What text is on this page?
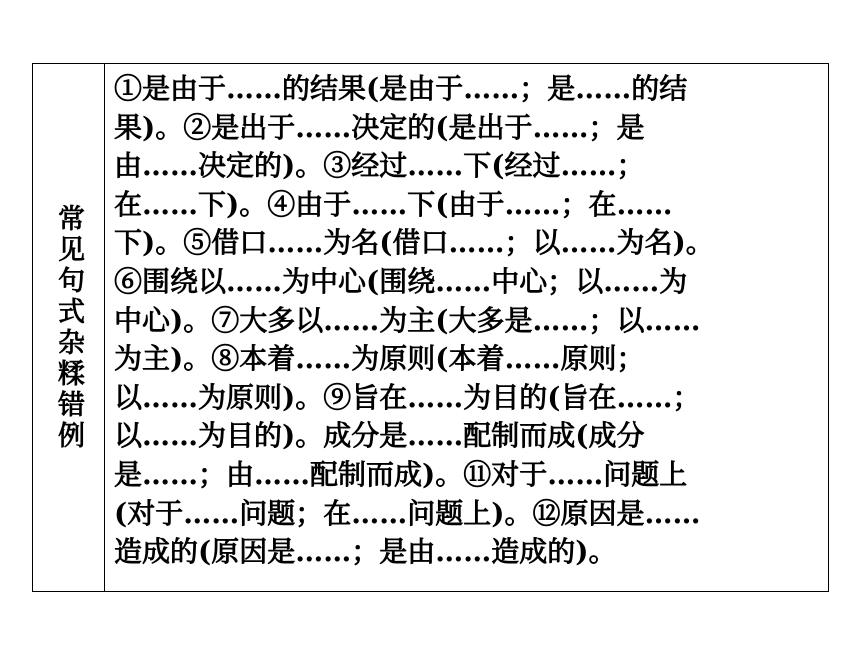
常见句式杂糅错例
①是由于……的结果(是由于……；是……的结
果)。②是出于……决定的(是出于……；是
由……决定的)。③经过……下(经过……；
在……下)。④由于……下(由于……；在……
下)。⑤借口……为名(借口……；以……为名)。
⑥围绕以……为中心(围绕……中心；以……为
中心)。⑦大多以……为主(大多是……；以……
为主)。⑧本着……为原则(本着……原则；
以……为原则)。⑨旨在……为目的(旨在……；
以……为目的)。成分是……配制而成(成分
是……；由……配制而成)。⑪对于……问题上
(对于……问题；在……问题上)。⑫原因是……
造成的(原因是……；是由……造成的)。
